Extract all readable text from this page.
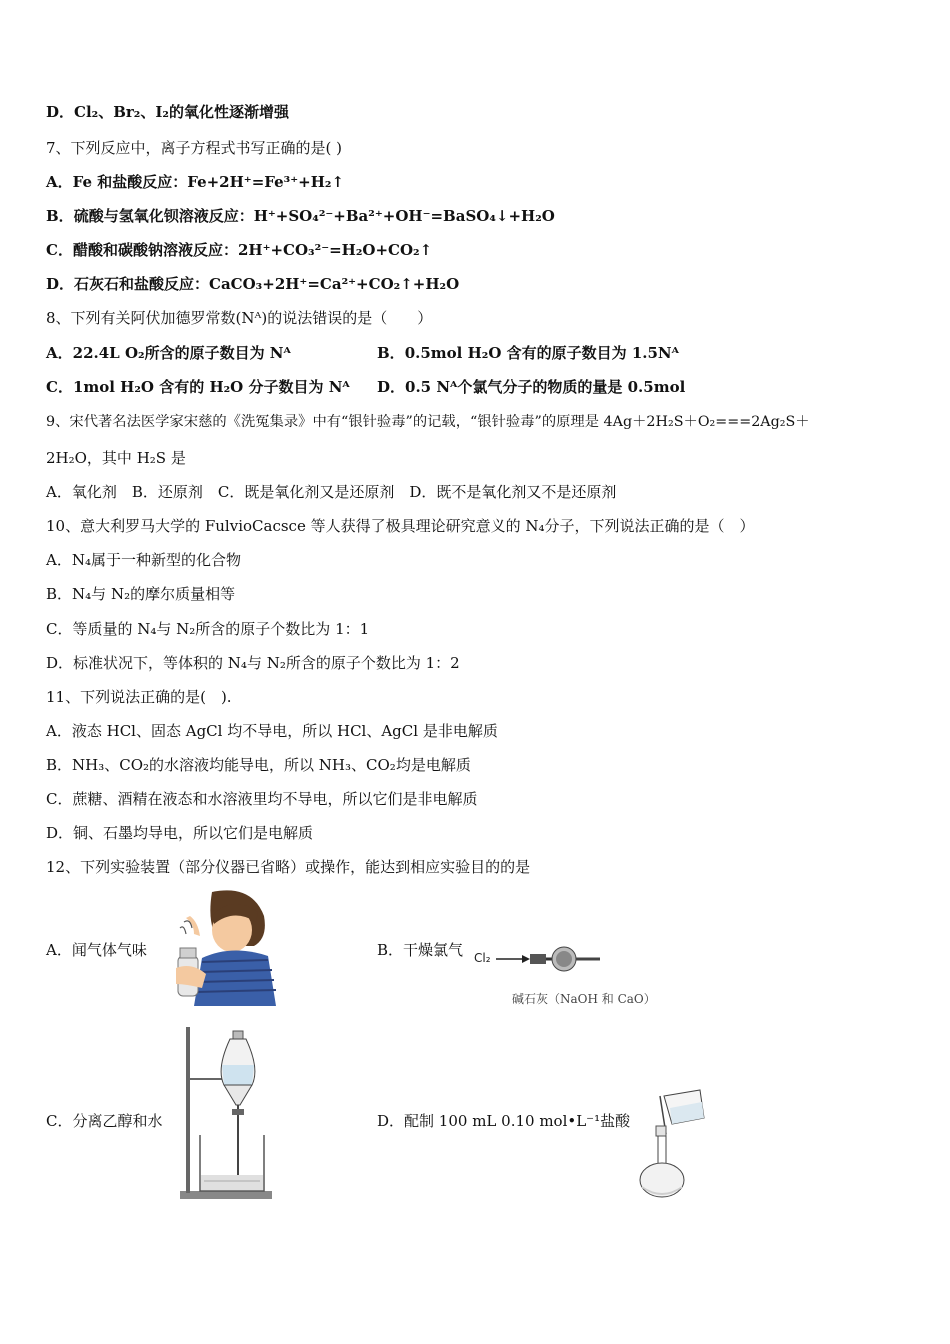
D．Cl₂、Br₂、I₂的氧化性逐渐增强
7、下列反应中，离子方程式书写正确的是( )
A．Fe 和盐酸反应：Fe+2H⁺=Fe³⁺+H₂↑
B．硫酸与氢氧化钡溶液反应：H⁺+SO₄²⁻+Ba²⁺+OH⁻=BaSO₄↓+H₂O
C．醋酸和碳酸钠溶液反应：2H⁺+CO₃²⁻=H₂O+CO₂↑
D．石灰石和盐酸反应：CaCO₃+2H⁺=Ca²⁺+CO₂↑+H₂O
8、下列有关阿伏加德罗常数(Nᴬ)的说法错误的是（　　）
A．22.4L O₂所含的原子数目为 Nᴬ	B．0.5mol H₂O 含有的原子数目为 1.5Nᴬ
C．1mol H₂O 含有的 H₂O 分子数目为 Nᴬ D．0.5 Nᴬ个氯气分子的物质的量是 0.5mol
9、宋代著名法医学家宋慈的《洗冤集录》中有“银针验毒”的记载，“银针验毒”的原理是 4Ag＋2H₂S＋O₂===2Ag₂S＋
2H₂O，其中 H₂S 是
A．氧化剂　B．还原剂　C．既是氧化剂又是还原剂　D．既不是氧化剂又不是还原剂
10、意大利罗马大学的 FulvioCacsce 等人获得了极具理论研究意义的 N₄分子，下列说法正确的是（　）
A．N₄属于一种新型的化合物
B．N₄与 N₂的摩尔质量相等
C．等质量的 N₄与 N₂所含的原子个数比为 1：1
D．标准状况下，等体积的 N₄与 N₂所含的原子个数比为 1：2
11、下列说法正确的是(　).
A．液态 HCl、固态 AgCl 均不导电，所以 HCl、AgCl 是非电解质
B．NH₃、CO₂的水溶液均能导电，所以 NH₃、CO₂均是电解质
C．蔗糖、酒精在液态和水溶液里均不导电，所以它们是非电解质
D．铜、石墨均导电，所以它们是电解质
12、下列实验装置（部分仪器已省略）或操作，能达到相应实验目的的是
A．闻气体气味	B．干燥氯气
C．分离乙醇和水	D．配制 100 mL 0.10 mol•L⁻¹盐酸
Cl₂
碱石灰（NaOH 和 CaO）
